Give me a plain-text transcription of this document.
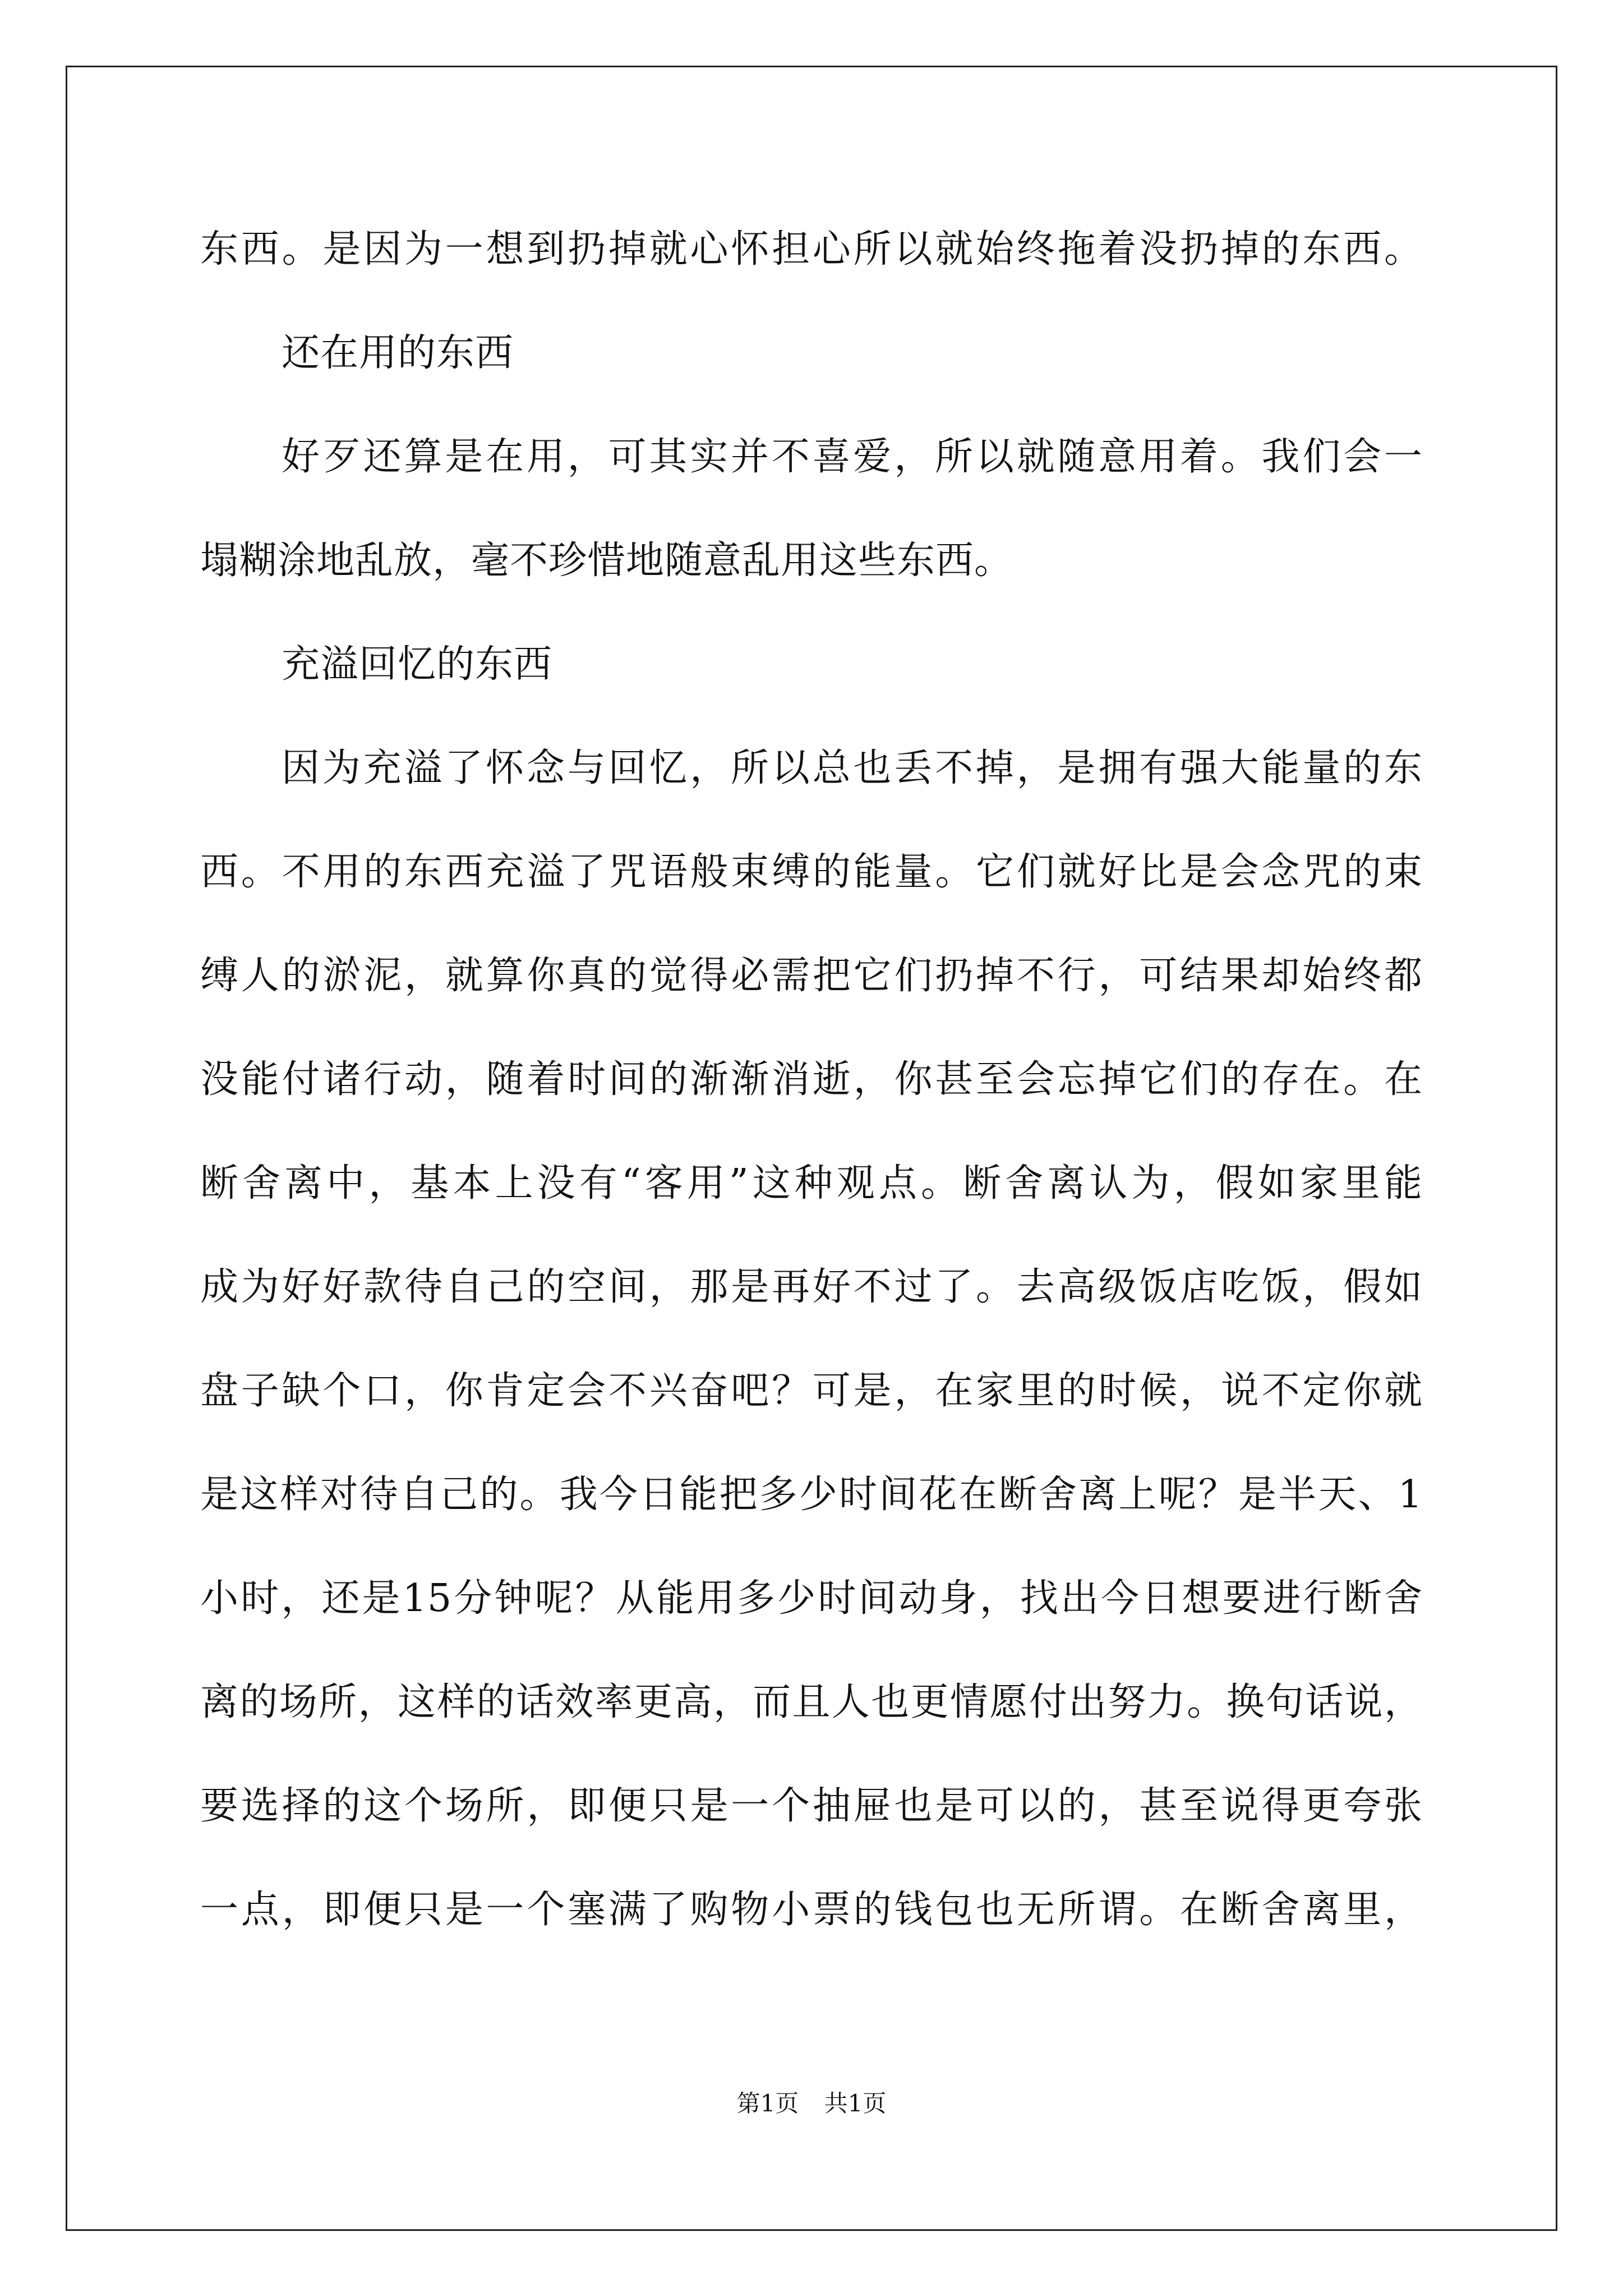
东西。是因为一想到扔掉就心怀担心所以就始终拖着没扔掉的东西。
还在用的东西
好歹还算是在用，可其实并不喜爱，所以就随意用着。我们会一
塌糊涂地乱放，毫不珍惜地随意乱用这些东西。
充溢回忆的东西
因为充溢了怀念与回忆，所以总也丢不掉，是拥有强大能量的东
西。不用的东西充溢了咒语般束缚的能量。它们就好比是会念咒的束
缚人的淤泥，就算你真的觉得必需把它们扔掉不行，可结果却始终都
没能付诸行动，随着时间的渐渐消逝，你甚至会忘掉它们的存在。在
断舍离中，基本上没有“客用”这种观点。断舍离认为，假如家里能
成为好好款待自己的空间，那是再好不过了。去高级饭店吃饭，假如
盘子缺个口，你肯定会不兴奋吧？可是，在家里的时候，说不定你就
是这样对待自己的。我今日能把多少时间花在断舍离上呢？是半天、1
小时，还是15分钟呢？从能用多少时间动身，找出今日想要进行断舍
离的场所，这样的话效率更高，而且人也更情愿付出努力。换句话说，
要选择的这个场所，即便只是一个抽屉也是可以的，甚至说得更夸张
一点，即便只是一个塞满了购物小票的钱包也无所谓。在断舍离里，
第1页 共1页
